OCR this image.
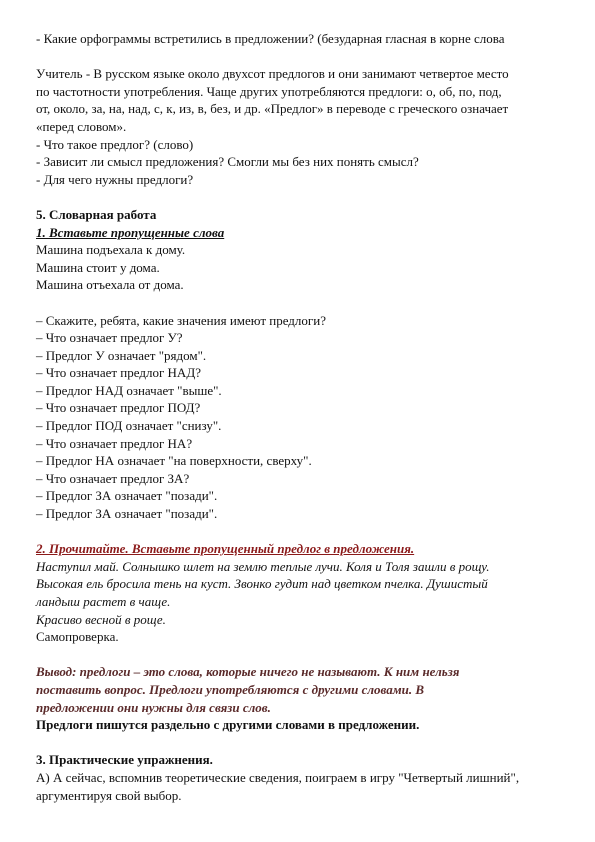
- Какие орфограммы встретились в предложении? (безударная гласная в корне слова
Учитель - В русском языке около двухсот предлогов и они занимают четвертое место
по частотности употребления. Чаще других употребляются предлоги: о, об, по, под,
от, около, за, на, над, с, к, из, в, без, и др. «Предлог» в переводе с греческого означает
«перед словом».
- Что такое предлог? (слово)
- Зависит ли смысл предложения? Смогли мы без них понять смысл?
- Для чего нужны предлоги?
5. Словарная работа
1. Вставьте пропущенные слова
Машина подъехала к дому.
Машина стоит у дома.
Машина отъехала от дома.
– Скажите, ребята, какие значения имеют предлоги?
– Что означает предлог У?
– Предлог У означает "рядом".
– Что означает предлог НАД?
– Предлог НАД означает "выше".
– Что означает предлог ПОД?
– Предлог ПОД означает "снизу".
– Что означает предлог НА?
– Предлог НА означает "на поверхности, сверху".
– Что означает предлог ЗА?
– Предлог ЗА означает "позади".
– Предлог ЗА означает "позади".
2. Прочитайте. Вставьте пропущенный предлог в предложения.
Наступил май. Солнышко шлет на землю теплые лучи. Коля и Толя зашли в рощу.
Высокая ель бросила тень на куст. Звонко гудит над цветком пчелка. Душистый
ландыш растет в чаще.
Красиво весной в роще.
Самопроверка.
Вывод: предлоги – это слова, которые ничего не называют. К ним нельзя
поставить вопрос. Предлоги употребляются с другими словами. В
предложении они нужны для связи слов.
Предлоги пишутся раздельно с другими словами в предложении.
3. Практические упражнения.
А) А сейчас, вспомнив теоретические сведения, поиграем в игру "Четвертый лишний",
аргументируя свой выбор.
